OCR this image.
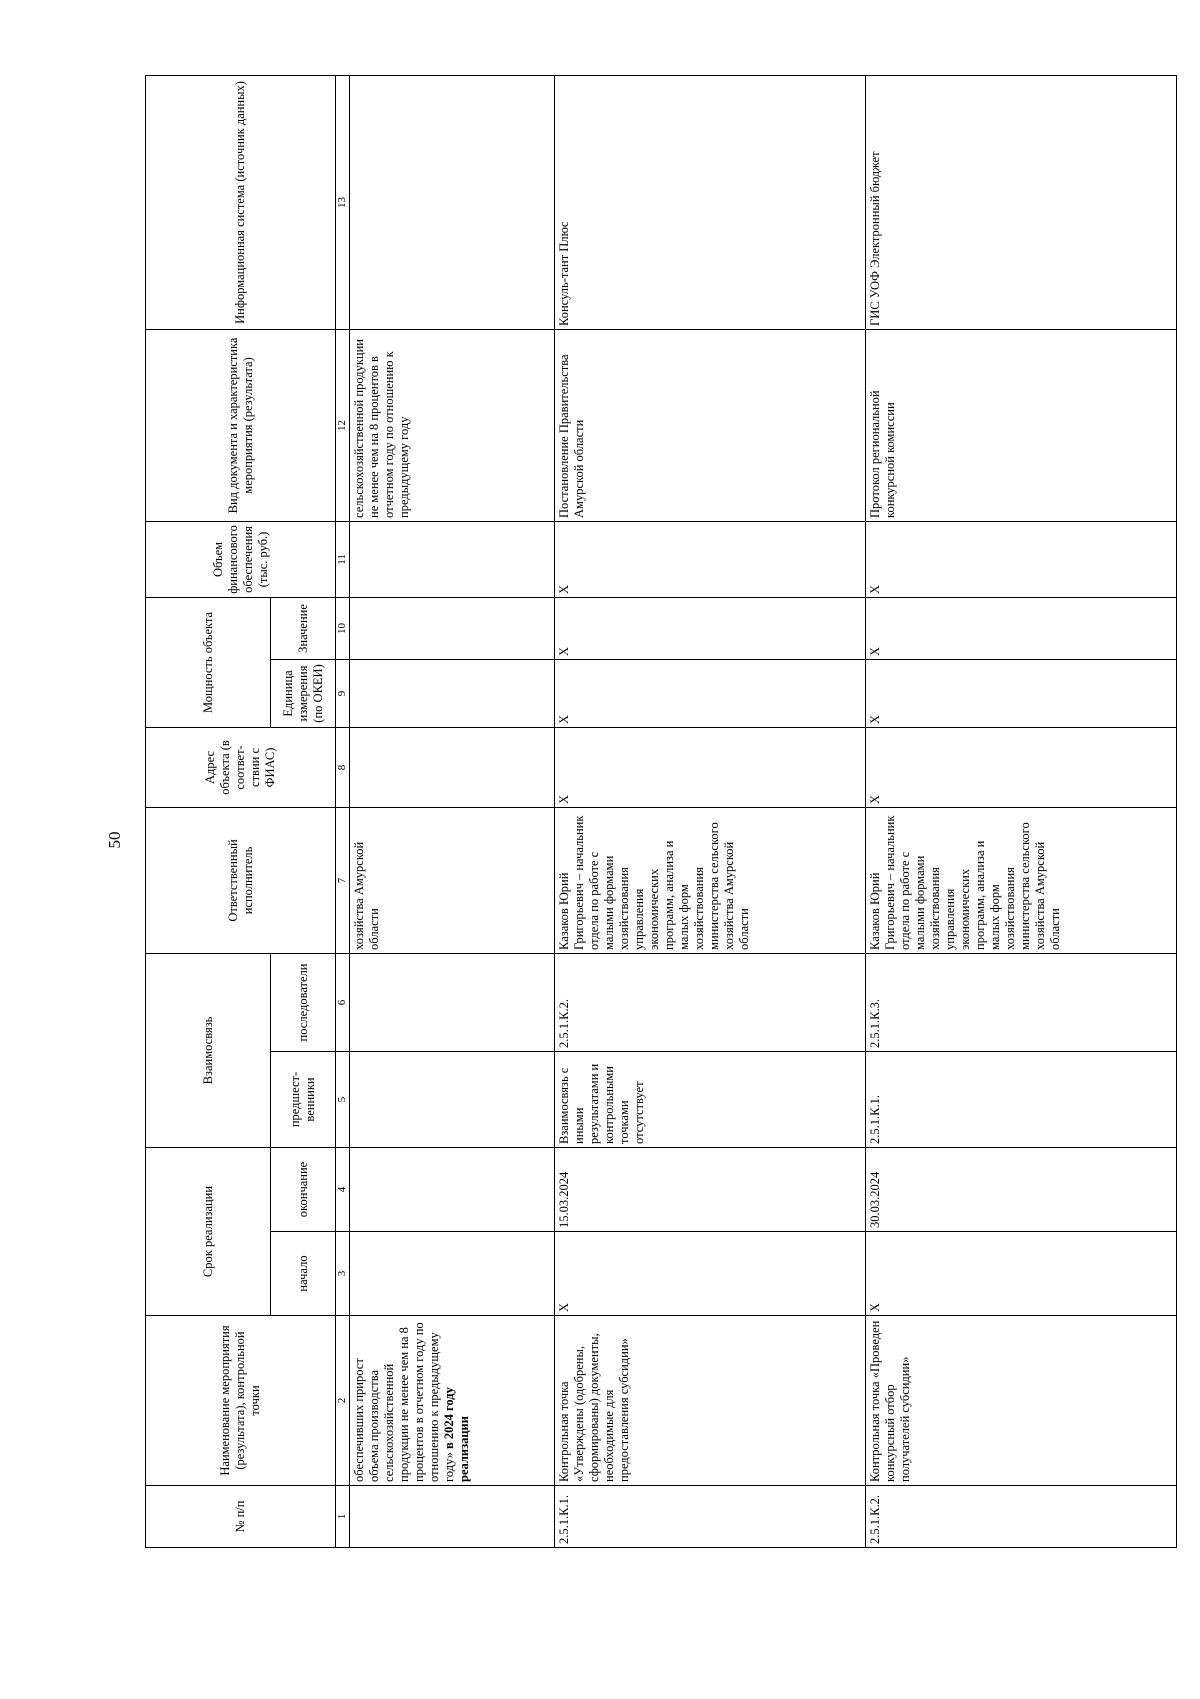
50
№ п/п	Наименование мероприятия (результата), контрольной точки	Срок реализации		Взаимосвязь		Ответственный исполнитель	Адрес объекта (в соответ-ствии с ФИАС)	Мощность объекта		Объем финансового обеспечения (тыс. руб.)	Вид документа и характеристика мероприятия (результата)	Информационная система (источник данных)
		начало	окончание	предшест-венники	последователи			Единица измерения (по ОКЕИ)	Значение			
1	2	3	4	5	6	7	8	9	10	11	12	13
	обеспечивших прирост объема производства сельскохозяйственной продукции не менее чем на 8 процентов в отчетном году по отношению к предыдущему году» в 2024 году реализации					хозяйства Амурской области					сельскохозяйственной продукции не менее чем на 8 процентов в отчетном году по отношению к предыдущему году	
2.5.1.К.1.	Контрольная точка «Утверждены (одобрены, сформированы) документы, необходимые для предоставления субсидии»	Х	15.03.2024	Взаимосвязь с иными результатами и контрольными точками отсутствует	2.5.1.К.2.	Казаков Юрий Григорьевич – начальник отдела по работе с малыми формами хозяйствования управления экономических программ, анализа и малых форм хозяйствования министерства сельского хозяйства Амурской области	Х	Х	Х	Х	Постановление Правительства Амурской области	Консуль-тант Плюс
2.5.1.К.2.	Контрольная точка «Проведен конкурсный отбор получателей субсидии»	Х	30.03.2024	2.5.1.К.1.	2.5.1.К.3.	Казаков Юрий Григорьевич – начальник отдела по работе с малыми формами хозяйствования управления экономических программ, анализа и малых форм хозяйствования министерства сельского хозяйства Амурской области	Х	Х	Х	Х	Протокол региональной конкурсной комиссии	ГИС УОФ Электронный бюджет
